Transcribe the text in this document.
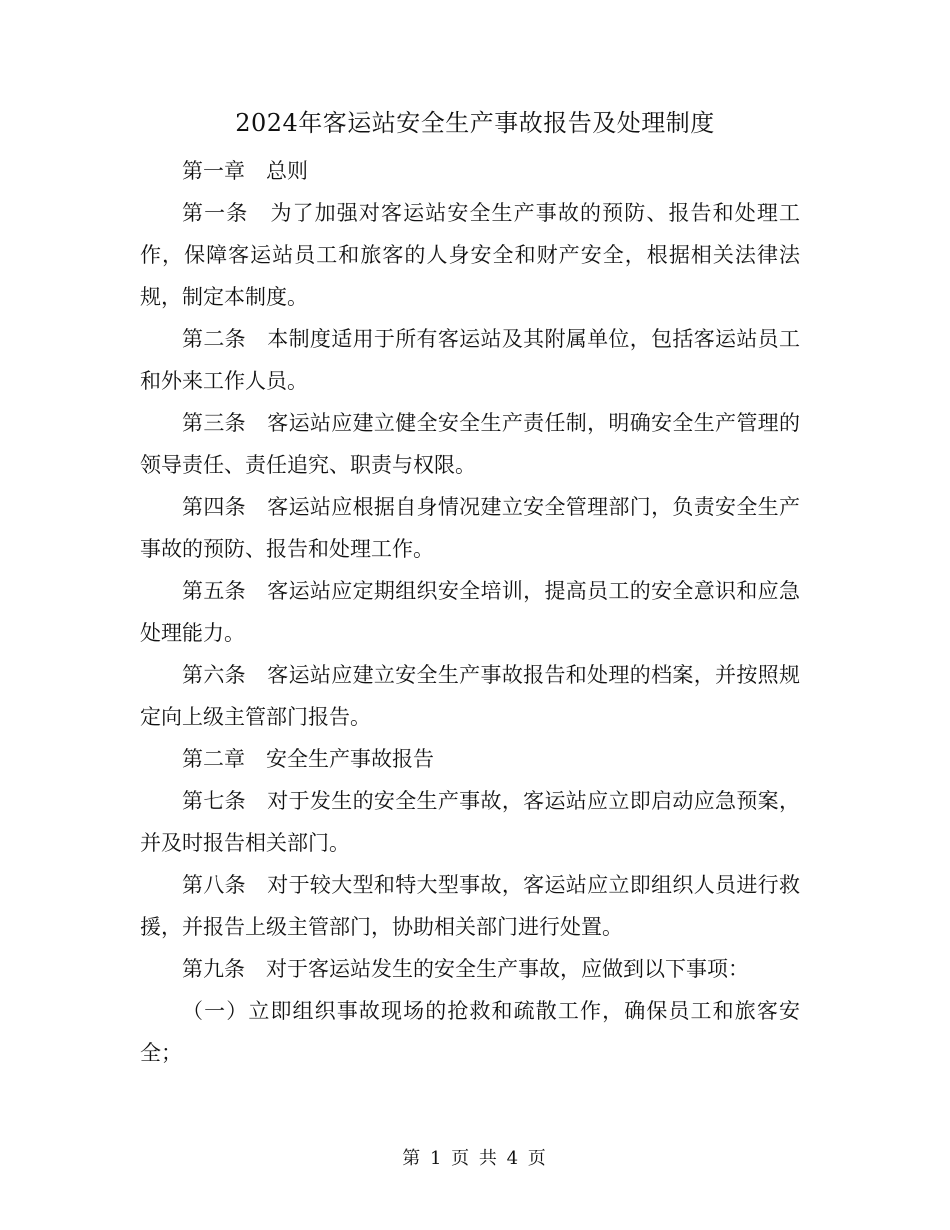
2024年客运站安全生产事故报告及处理制度

第一章　总则

第一条　为了加强对客运站安全生产事故的预防、报告和处理工作，保障客运站员工和旅客的人身安全和财产安全，根据相关法律法规，制定本制度。

第二条　本制度适用于所有客运站及其附属单位，包括客运站员工和外来工作人员。

第三条　客运站应建立健全安全生产责任制，明确安全生产管理的领导责任、责任追究、职责与权限。

第四条　客运站应根据自身情况建立安全管理部门，负责安全生产事故的预防、报告和处理工作。

第五条　客运站应定期组织安全培训，提高员工的安全意识和应急处理能力。

第六条　客运站应建立安全生产事故报告和处理的档案，并按照规定向上级主管部门报告。

第二章　安全生产事故报告

第七条　对于发生的安全生产事故，客运站应立即启动应急预案，并及时报告相关部门。

第八条　对于较大型和特大型事故，客运站应立即组织人员进行救援，并报告上级主管部门，协助相关部门进行处置。

第九条　对于客运站发生的安全生产事故，应做到以下事项：

（一）立即组织事故现场的抢救和疏散工作，确保员工和旅客安全；

第 1 页 共 4 页
